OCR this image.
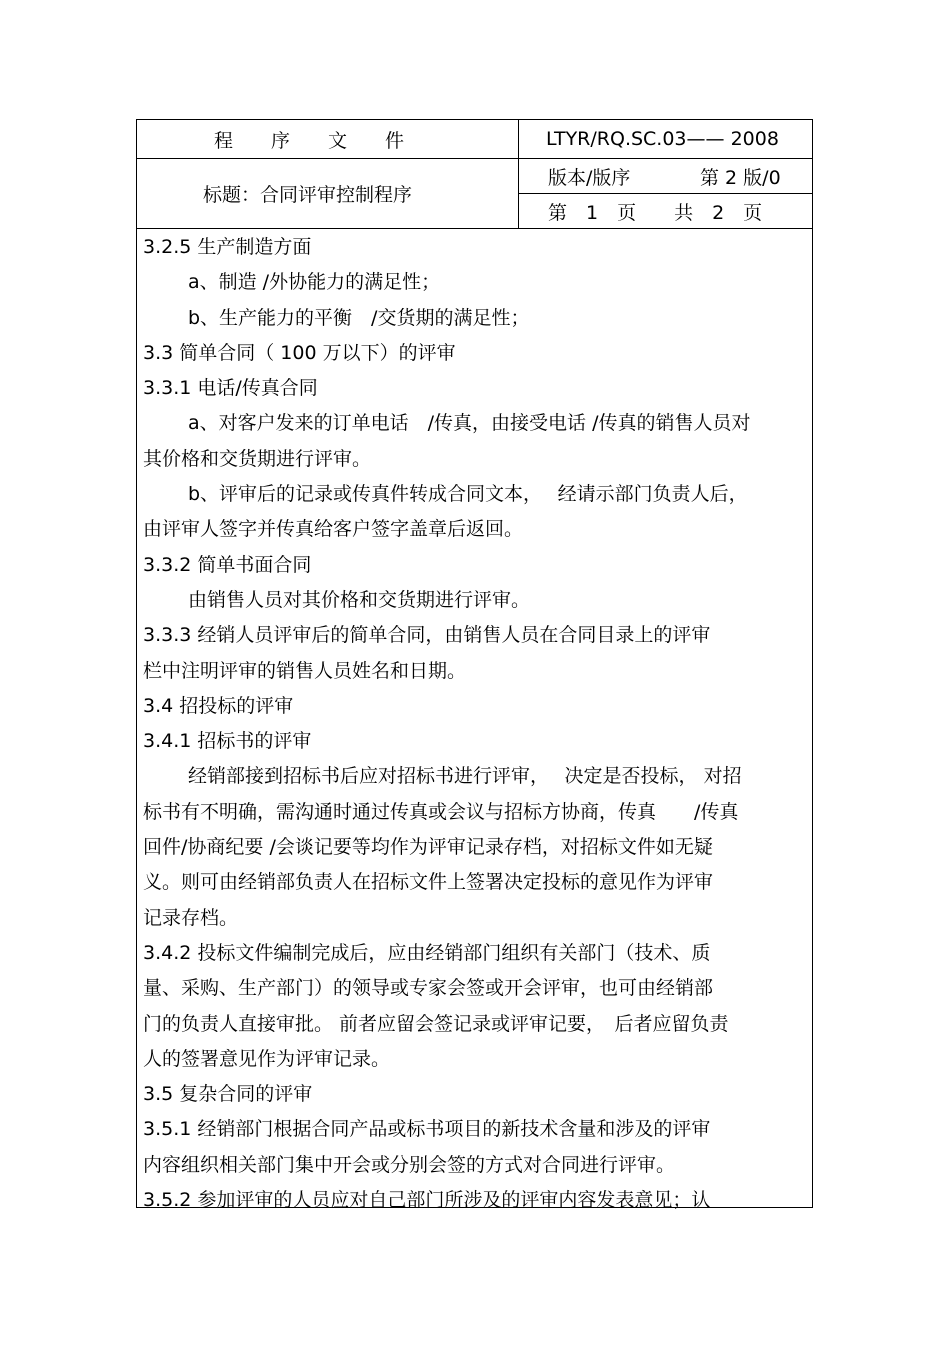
程　　序　　文　　件	LTYR/RQ.SC.03—— 2008
标题：合同评审控制程序
版本/版序	第 2 版/0
第　1　页　　共　2　页
3.2.5 生产制造方面
a、制造 /外协能力的满足性；
b、生产能力的平衡　/交货期的满足性；
3.3 简单合同（ 100 万以下）的评审
3.3.1 电话/传真合同
a、对客户发来的订单电话　/传真，由接受电话 /传真的销售人员对
其价格和交货期进行评审。
b、评审后的记录或传真件转成合同文本，　 经请示部门负责人后，
由评审人签字并传真给客户签字盖章后返回。
3.3.2 简单书面合同
由销售人员对其价格和交货期进行评审。
3.3.3 经销人员评审后的简单合同，由销售人员在合同目录上的评审
栏中注明评审的销售人员姓名和日期。
3.4 招投标的评审
3.4.1 招标书的评审
经销部接到招标书后应对招标书进行评审，　 决定是否投标， 对招
标书有不明确，需沟通时通过传真或会议与招标方协商，传真　　/传真
回件/协商纪要 /会谈记要等均作为评审记录存档，对招标文件如无疑
义。则可由经销部负责人在招标文件上签署决定投标的意见作为评审
记录存档。
3.4.2 投标文件编制完成后，应由经销部门组织有关部门（技术、质
量、采购、生产部门）的领导或专家会签或开会评审，也可由经销部
门的负责人直接审批。 前者应留会签记录或评审记要，　后者应留负责
人的签署意见作为评审记录。
3.5 复杂合同的评审
3.5.1 经销部门根据合同产品或标书项目的新技术含量和涉及的评审
内容组织相关部门集中开会或分别会签的方式对合同进行评审。
3.5.2 参加评审的人员应对自己部门所涉及的评审内容发表意见；认
